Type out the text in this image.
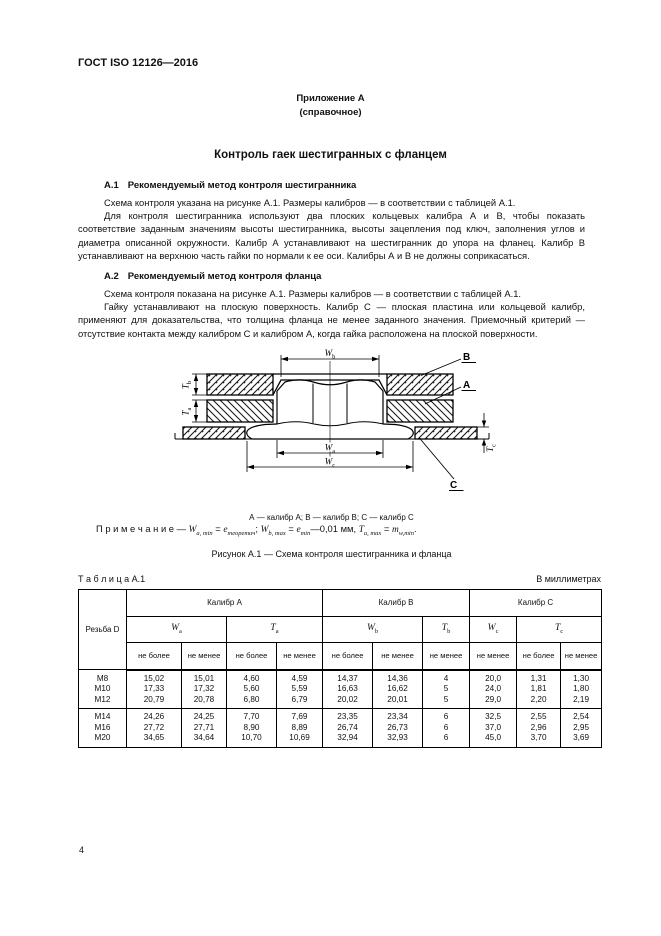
ГОСТ ISO 12126—2016
Приложение А
(справочное)
Контроль гаек шестигранных с фланцем
А.1 Рекомендуемый метод контроля шестигранника

Схема контроля указана на рисунке А.1. Размеры калибров — в соответствии с таблицей А.1.

Для контроля шестигранника используют два плоских кольцевых калибра А и В, чтобы показать соответствие заданным значениям высоты шестигранника, высоты зацепления под ключ, заполнения углов и диаметра описанной окружности. Калибр А устанавливают на шестигранник до упора на фланец. Калибр В устанавливают на верхнюю часть гайки по нормали к ее оси. Калибры А и В не должны соприкасаться.

А.2 Рекомендуемый метод контроля фланца

Схема контроля показана на рисунке А.1. Размеры калибров — в соответствии с таблицей А.1.

Гайку устанавливают на плоскую поверхность. Калибр С — плоская пластина или кольцевой калибр, применяют для доказательства, что толщина фланца не менее заданного значения. Приемочный критерий — отсутствие контакта между калибром С и калибром А, когда гайка расположена на плоской поверхности.

$W_b$
$T_b$
$T_a$
$W_a$
$W_c$
$T_c$
B
A
C
А — калибр А; В — калибр В; С — калибр С

П р и м е ч а н и е — $W_{a, min} = e_{теоретич}$; $W_{b, max}$ = $e_{min}—0,01$ мм, $T_{a, max} = m_{w,min}$.

Рисунок А.1 — Схема контроля шестигранника и фланца
Т а б л и ц а А.1	В миллиметрах
Резьба D	Калибр А				Калибр В			Калибр С		
	$W_a$		$T_a$		$W_b$		$T_b$	$W_c$	$T_c$
	не более	не менее	не более	не менее	не более	не менее	не менее	не менее	не более	не менее
M8	15,02	15,01	4,60	4,59	14,37	14,36	4	20,0	1,31	1,30
M10	17,33	17,32	5,60	5,59	16,63	16,62	5	24,0	1,81	1,80
M12	20,79	20,78	6,80	6,79	20,02	20,01	5	29,0	2,20	2,19
M14	24,26	24,25	7,70	7,69	23,35	23,34	6	32,5	2,55	2,54
M16	27,72	27,71	8,90	8,89	26,74	26,73	6	37,0	2,96	2,95
M20	34,65	34,64	10,70	10,69	32,94	32,93	6	45,0	3,70	3,69
4
